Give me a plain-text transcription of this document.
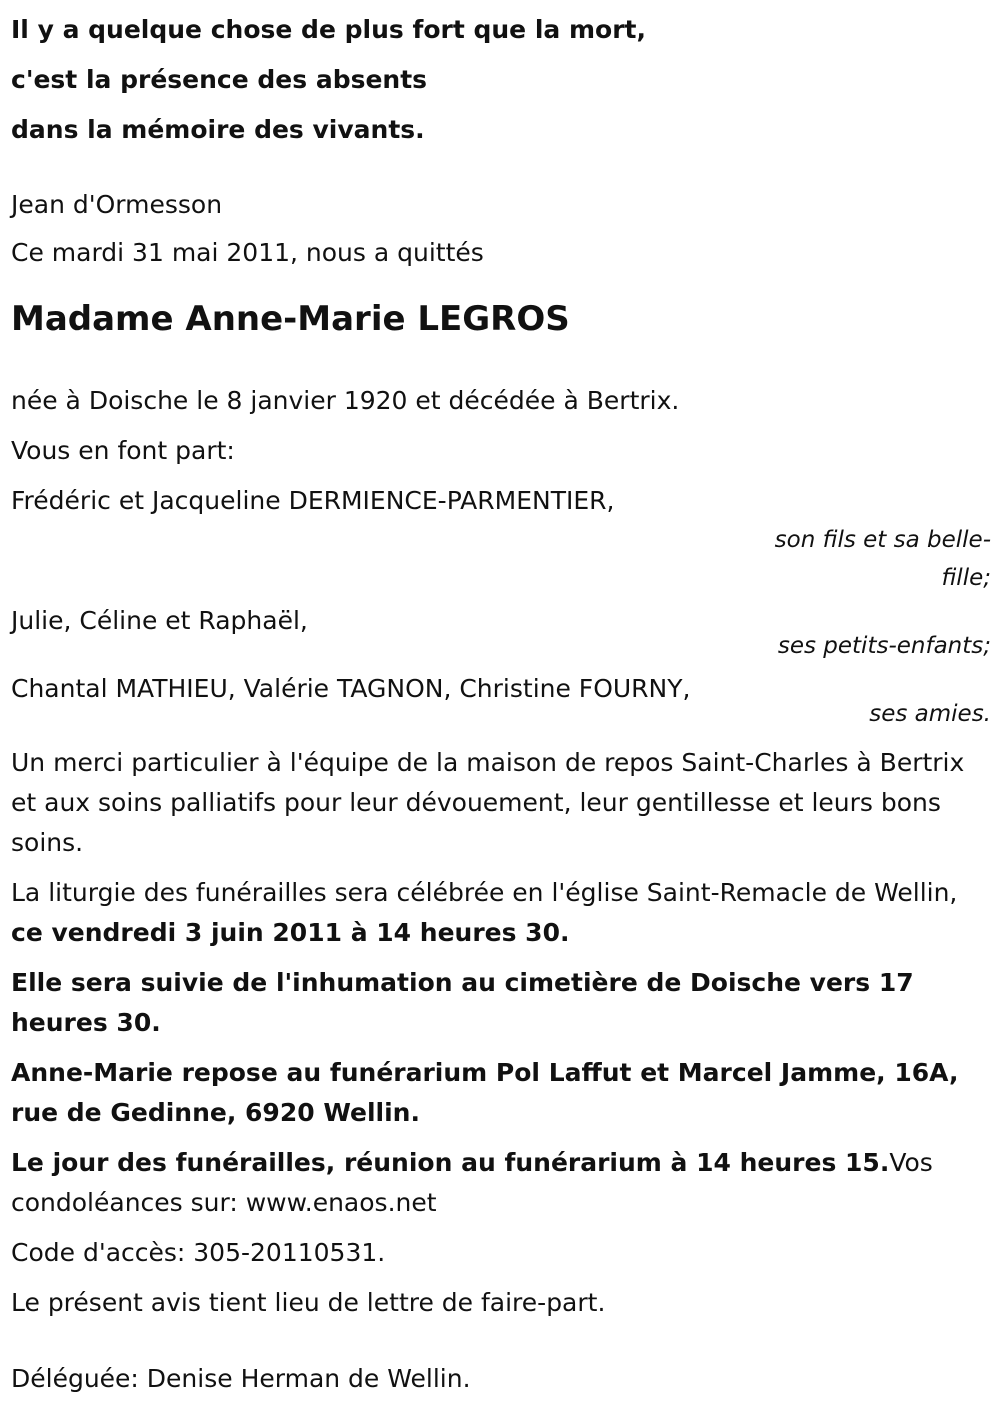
Il y a quelque chose de plus fort que la mort,

c'est la présence des absents

dans la mémoire des vivants.

Jean d'Ormesson

Ce mardi 31 mai 2011, nous a quittés

Madame Anne-Marie LEGROS

née à Doische le 8 janvier 1920 et décédée à Bertrix.

Vous en font part:

Frédéric et Jacqueline DERMIENCE-PARMENTIER,

son fils et sa belle-fille;

Julie, Céline et Raphaël,

ses petits-enfants;

Chantal MATHIEU, Valérie TAGNON, Christine FOURNY,

ses amies.

Un merci particulier à l'équipe de la maison de repos Saint-Charles à Bertrix et aux soins palliatifs pour leur dévouement, leur gentillesse et leurs bons soins.

La liturgie des funérailles sera célébrée en l'église Saint-Remacle de Wellin, ce vendredi 3 juin 2011 à 14 heures 30.

Elle sera suivie de l'inhumation au cimetière de Doische vers 17 heures 30.

Anne-Marie repose au funérarium Pol Laffut et Marcel Jamme, 16A, rue de Gedinne, 6920 Wellin.

Le jour des funérailles, réunion au funérarium à 14 heures 15.Vos condoléances sur: www.enaos.net

Code d'accès: 305-20110531.

Le présent avis tient lieu de lettre de faire-part.

Déléguée: Denise Herman de Wellin.
